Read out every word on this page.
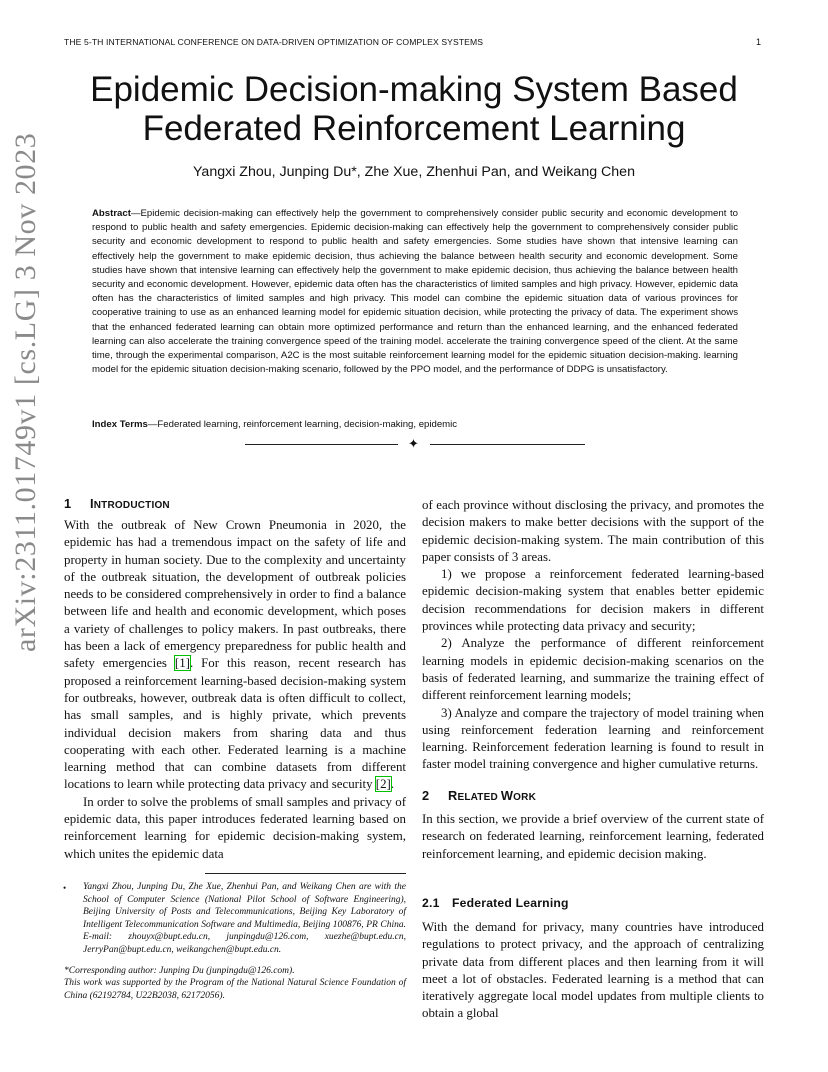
THE 5-TH INTERNATIONAL CONFERENCE ON DATA-DRIVEN OPTIMIZATION OF COMPLEX SYSTEMS	1
Epidemic Decision-making System Based Federated Reinforcement Learning
Yangxi Zhou, Junping Du*, Zhe Xue, Zhenhui Pan, and Weikang Chen
Abstract—Epidemic decision-making can effectively help the government to comprehensively consider public security and economic development to respond to public health and safety emergencies. Epidemic decision-making can effectively help the government to comprehensively consider public security and economic development to respond to public health and safety emergencies. Some studies have shown that intensive learning can effectively help the government to make epidemic decision, thus achieving the balance between health security and economic development. Some studies have shown that intensive learning can effectively help the government to make epidemic decision, thus achieving the balance between health security and economic development. However, epidemic data often has the characteristics of limited samples and high privacy. However, epidemic data often has the characteristics of limited samples and high privacy. This model can combine the epidemic situation data of various provinces for cooperative training to use as an enhanced learning model for epidemic situation decision, while protecting the privacy of data. The experiment shows that the enhanced federated learning can obtain more optimized performance and return than the enhanced learning, and the enhanced federated learning can also accelerate the training convergence speed of the training model. accelerate the training convergence speed of the client. At the same time, through the experimental comparison, A2C is the most suitable reinforcement learning model for the epidemic situation decision-making. learning model for the epidemic situation decision-making scenario, followed by the PPO model, and the performance of DDPG is unsatisfactory.
Index Terms—Federated learning, reinforcement learning, decision-making, epidemic
✦
arXiv:2311.01749v1 [cs.LG] 3 Nov 2023	1 INTRODUCTION

With the outbreak of New Crown Pneumonia in 2020, the epidemic has had a tremendous impact on the safety of life and property in human society. Due to the complexity and uncertainty of the outbreak situation, the development of outbreak policies needs to be considered comprehensively in order to find a balance between life and health and economic development, which poses a variety of challenges to policy makers. In past outbreaks, there has been a lack of emergency preparedness for public health and safety emergencies [1]. For this reason, recent research has proposed a reinforcement learning-based decision-making system for outbreaks, however, outbreak data is often difficult to collect, has small samples, and is highly private, which prevents individual decision makers from sharing data and thus cooperating with each other. Federated learning is a machine learning method that can combine datasets from different locations to learn while protecting data privacy and security [2].

In order to solve the problems of small samples and privacy of epidemic data, this paper introduces federated learning based on reinforcement learning for epidemic decision-making system, which unites the epidemic data

•	Yangxi Zhou, Junping Du, Zhe Xue, Zhenhui Pan, and Weikang Chen are with the School of Computer Science (National Pilot School of Software Engineering), Beijing University of Posts and Telecommunications, Beijing Key Laboratory of Intelligent Telecommunication Software and Multimedia, Beijing 100876, PR China. E-mail: zhouyx@bupt.edu.cn, junpingdu@126.com, xuezhe@bupt.edu.cn, JerryPan@bupt.edu.cn, weikangchen@bupt.edu.cn.
*Corresponding author: Junping Du (junpingdu@126.com).
This work was supported by the Program of the National Natural Science Foundation of China (62192784, U22B2038, 62172056).

of each province without disclosing the privacy, and promotes the decision makers to make better decisions with the support of the epidemic decision-making system. The main contribution of this paper consists of 3 areas.

1) we propose a reinforcement federated learning-based epidemic decision-making system that enables better epidemic decision recommendations for decision makers in different provinces while protecting data privacy and security;

2) Analyze the performance of different reinforcement learning models in epidemic decision-making scenarios on the basis of federated learning, and summarize the training effect of different reinforcement learning models;

3) Analyze and compare the trajectory of model training when using reinforcement federation learning and reinforcement learning. Reinforcement federation learning is found to result in faster model training convergence and higher cumulative returns.

2 RELATED WORK
In this section, we provide a brief overview of the current state of research on federated learning, reinforcement learning, federated reinforcement learning, and epidemic decision making.
2.1 Federated Learning
With the demand for privacy, many countries have introduced regulations to protect privacy, and the approach of centralizing private data from different places and then learning from it will meet a lot of obstacles. Federated learning is a method that can iteratively aggregate local model updates from multiple clients to obtain a global
